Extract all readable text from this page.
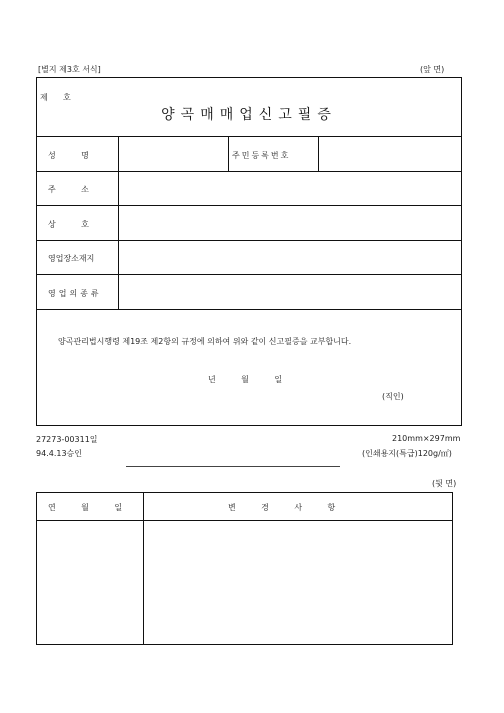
[별지 제3호 서식]	(앞 면)
제      호
양곡매매업신고필증
성          명	주민등록번호
주          소
상          호
영업장소재지
영업의종류
양곡관리법시행령 제19조 제2항의 규정에 의하여 위와 같이 신고필증을 교부합니다.
년          월          일
(직인)
27273-00311일
94.4.13승인
210mm×297mm
(인쇄용지(특급)120g/㎡)
(뒷 면)
연          월          일	변          경          사          항
